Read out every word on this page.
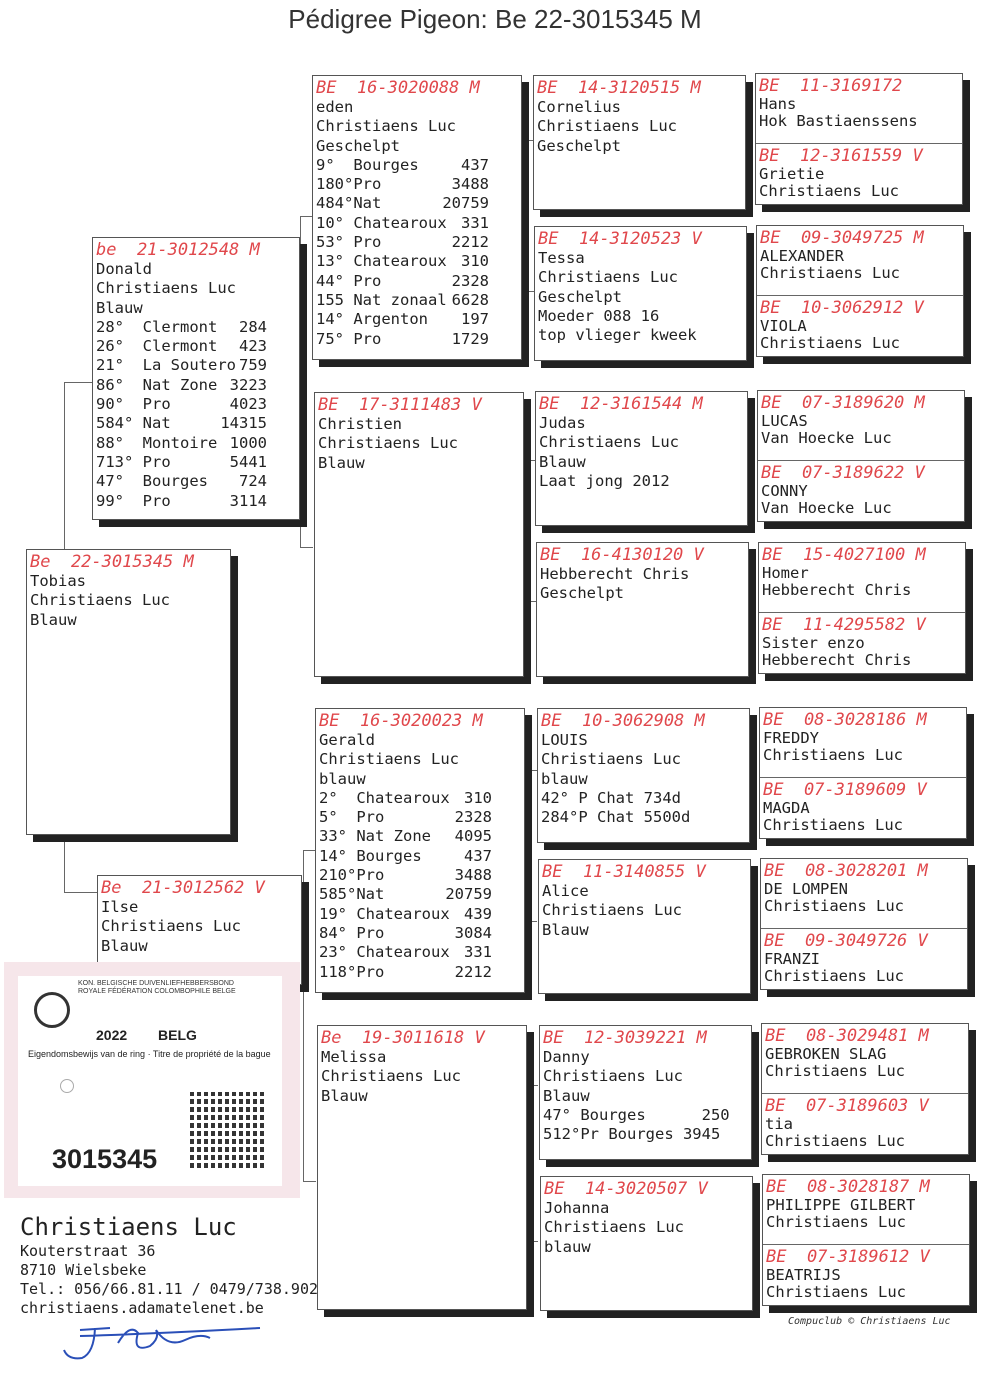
Pédigree Pigeon: Be 22-3015345 M
Be  22-3015345 M
Tobias
Christiaens Luc
Blauw
be  21-3012548 M
Donald
Christiaens Luc
Blauw
28°  Clermont 284
26°  Clermont 423
21°  La Soutero 759
86°  Nat Zone 3223
90°  Pro	4023
584° Nat	14315
88°  Montoire 1000
713° Pro	5441
47°  Bourges 724
99°  Pro	3114
Be  21-3012562 V
Ilse
Christiaens Luc
Blauw
BE  16-3020088 M
eden
Christiaens Luc
Geschelpt
9°  Bourges	437
180°Pro	3488
484°Nat	20759
10° Chatearoux 331
53° Pro	2212
13° Chatearoux 310
44° Pro	2328
155 Nat zonaal 6628
14° Argenton 197
75° Pro	1729
BE  17-3111483 V
Christien
Christiaens Luc
Blauw
BE  16-3020023 M
Gerald
Christiaens Luc
blauw
2°  Chatearoux 310
5°  Pro	2328
33° Nat Zone 4095
14° Bourges	437
210°Pro	3488
585°Nat	20759
19° Chatearoux 439
84° Pro	3084
23° Chatearoux 331
118°Pro	2212
Be  19-3011618 V
Melissa
Christiaens Luc
Blauw
BE  14-3120515 M
Cornelius
Christiaens Luc
Geschelpt
BE  14-3120523 V
Tessa
Christiaens Luc
Geschelpt
Moeder 088 16
top vlieger kweek
BE  12-3161544 M
Judas
Christiaens Luc
Blauw
Laat jong 2012
BE  16-4130120 V
Hebberecht Chris
Geschelpt
BE  10-3062908 M
LOUIS
Christiaens Luc
blauw
42° P Chat 734d
284°P Chat 5500d
BE  11-3140855 V
Alice
Christiaens Luc
Blauw
BE  12-3039221 M
Danny
Christiaens Luc
Blauw
47° Bourges      250
512°Pr Bourges 3945
BE  14-3020507 V
Johanna
Christiaens Luc
blauw
BE  11-3169172
Hans
Hok Bastiaenssens
BE  12-3161559 V
Grietie
Christiaens Luc
BE  09-3049725 M
ALEXANDER
Christiaens Luc
BE  10-3062912 V
VIOLA
Christiaens Luc
BE  07-3189620 M
LUCAS
Van Hoecke Luc
BE  07-3189622 V
CONNY
Van Hoecke Luc
BE  15-4027100 M
Homer
Hebberecht Chris
BE  11-4295582 V
Sister enzo
Hebberecht Chris
BE  08-3028186 M
FREDDY
Christiaens Luc
BE  07-3189609 V
MAGDA
Christiaens Luc
BE  08-3028201 M
DE LOMPEN
Christiaens Luc
BE  09-3049726 V
FRANZI
Christiaens Luc
BE  08-3029481 M
GEBROKEN SLAG
Christiaens Luc
BE  07-3189603 V
tia
Christiaens Luc
BE  08-3028187 M
PHILIPPE GILBERT
Christiaens Luc
BE  07-3189612 V
BEATRIJS
Christiaens Luc
KON. BELGISCHE DUIVENLIEFHEBBERSBOND
ROYALE FÉDÉRATION COLOMBOPHILE BELGE
2022 BELG
Eigendomsbewijs van de ring · Titre de propriété de la bague
3015345
Christiaens Luc
Kouterstraat 36
8710 Wielsbeke
Tel.: 056/66.81.11 / 0479/738.902
christiaens.adamatelenet.be
Compuclub © Christiaens Luc
